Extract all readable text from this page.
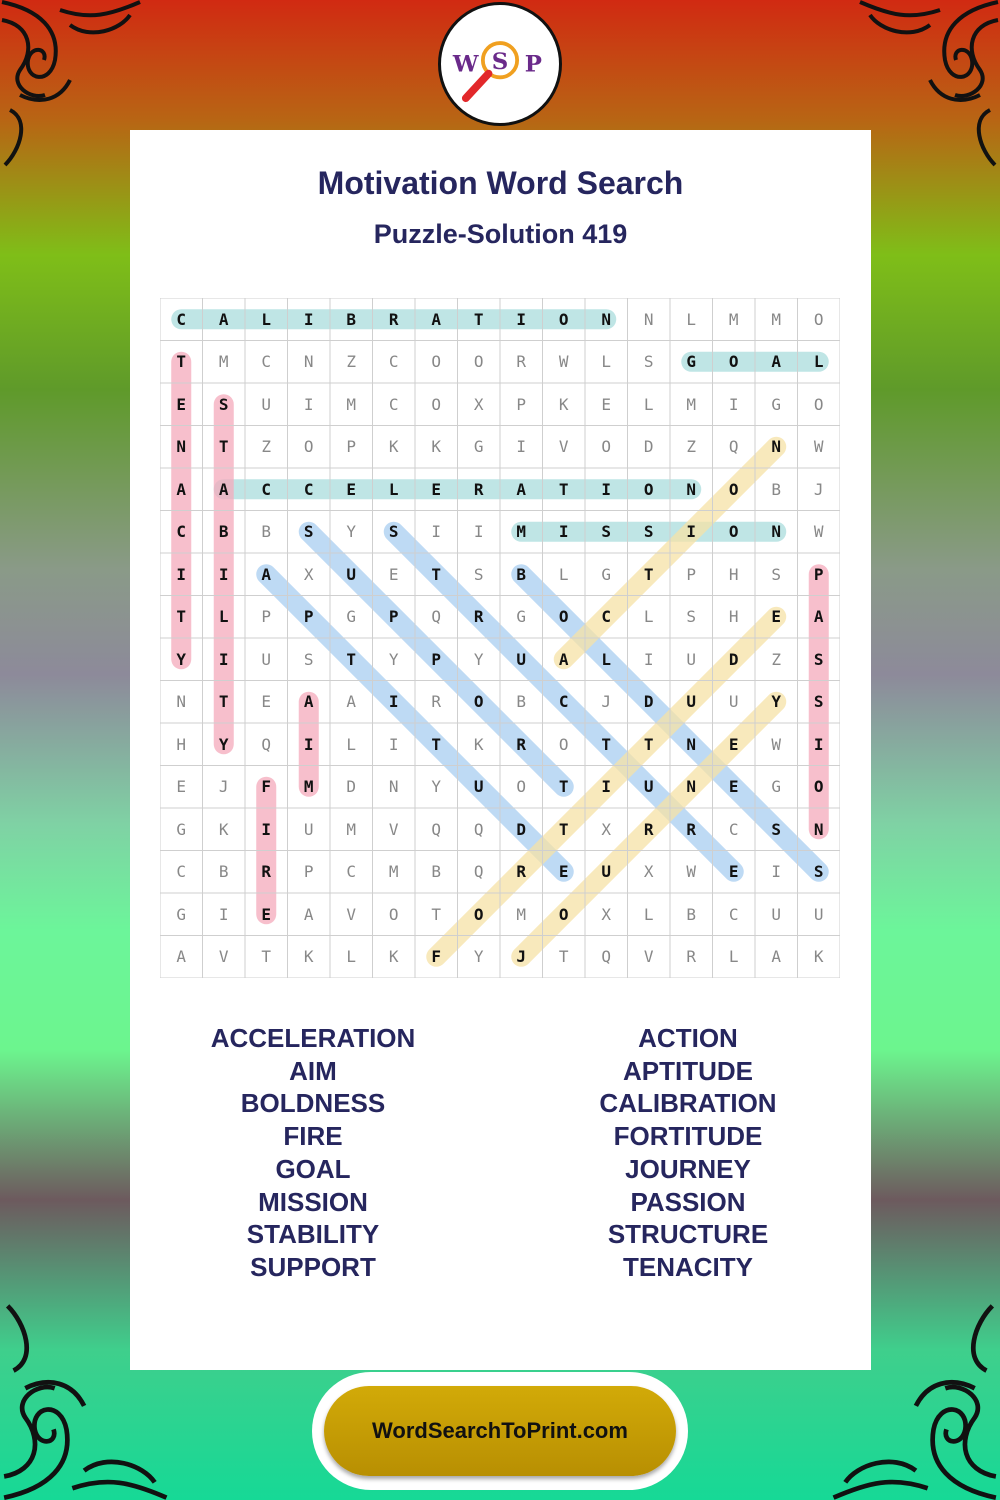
W S P
Motivation Word Search
Puzzle-Solution 419
C	A	L	I	B	R	A	T	I	O	N	N	L	M	M	O
T	M	C	N	Z	C	O	O	R	W	L	S	G	O	A	L
E	S	U	I	M	C	O	X	P	K	E	L	M	I	G	O
N	T	Z	O	P	K	K	G	I	V	O	D	Z	Q	N	W
A	A	C	C	E	L	E	R	A	T	I	O	N	O	B	J
C	B	B	S	Y	S	I	I	M	I	S	S	I	O	N	W
I	I	A	X	U	E	T	S	B	L	G	T	P	H	S	P
T	L	P	P	G	P	Q	R	G	O	C	L	S	H	E	A
Y	I	U	S	T	Y	P	Y	U	A	L	I	U	D	Z	S
N	T	E	A	A	I	R	O	B	C	J	D	U	U	Y	S
H	Y	Q	I	L	I	T	K	R	O	T	T	N	E	W	I
E	J	F	M	D	N	Y	U	O	T	I	U	N	E	G	O
G	K	I	U	M	V	Q	Q	D	T	X	R	R	C	S	N
C	B	R	P	C	M	B	Q	R	E	U	X	W	E	I	S
G	I	E	A	V	O	T	O	M	O	X	L	B	C	U	U
A	V	T	K	L	K	F	Y	J	T	Q	V	R	L	A	K
ACCELERATION
AIM
BOLDNESS
FIRE
GOAL
MISSION
STABILITY
SUPPORT
ACTION
APTITUDE
CALIBRATION
FORTITUDE
JOURNEY
PASSION
STRUCTURE
TENACITY
WordSearchToPrint.com
